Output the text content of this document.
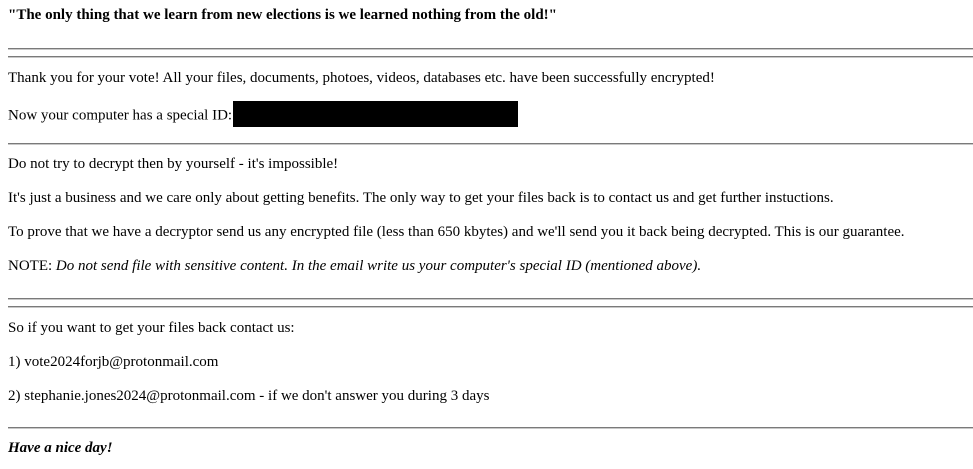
"The only thing that we learn from new elections is we learned nothing from the old!"
Thank you for your vote! All your files, documents, photoes, videos, databases etc. have been successfully encrypted!
Now your computer has a special ID:
Do not try to decrypt then by yourself - it's impossible!
It's just a business and we care only about getting benefits. The only way to get your files back is to contact us and get further instuctions.
To prove that we have a decryptor send us any encrypted file (less than 650 kbytes) and we'll send you it back being decrypted. This is our guarantee.
NOTE: Do not send file with sensitive content. In the email write us your computer's special ID (mentioned above).
So if you want to get your files back contact us:
1) vote2024forjb@protonmail.com
2) stephanie.jones2024@protonmail.com - if we don't answer you during 3 days
Have a nice day!
